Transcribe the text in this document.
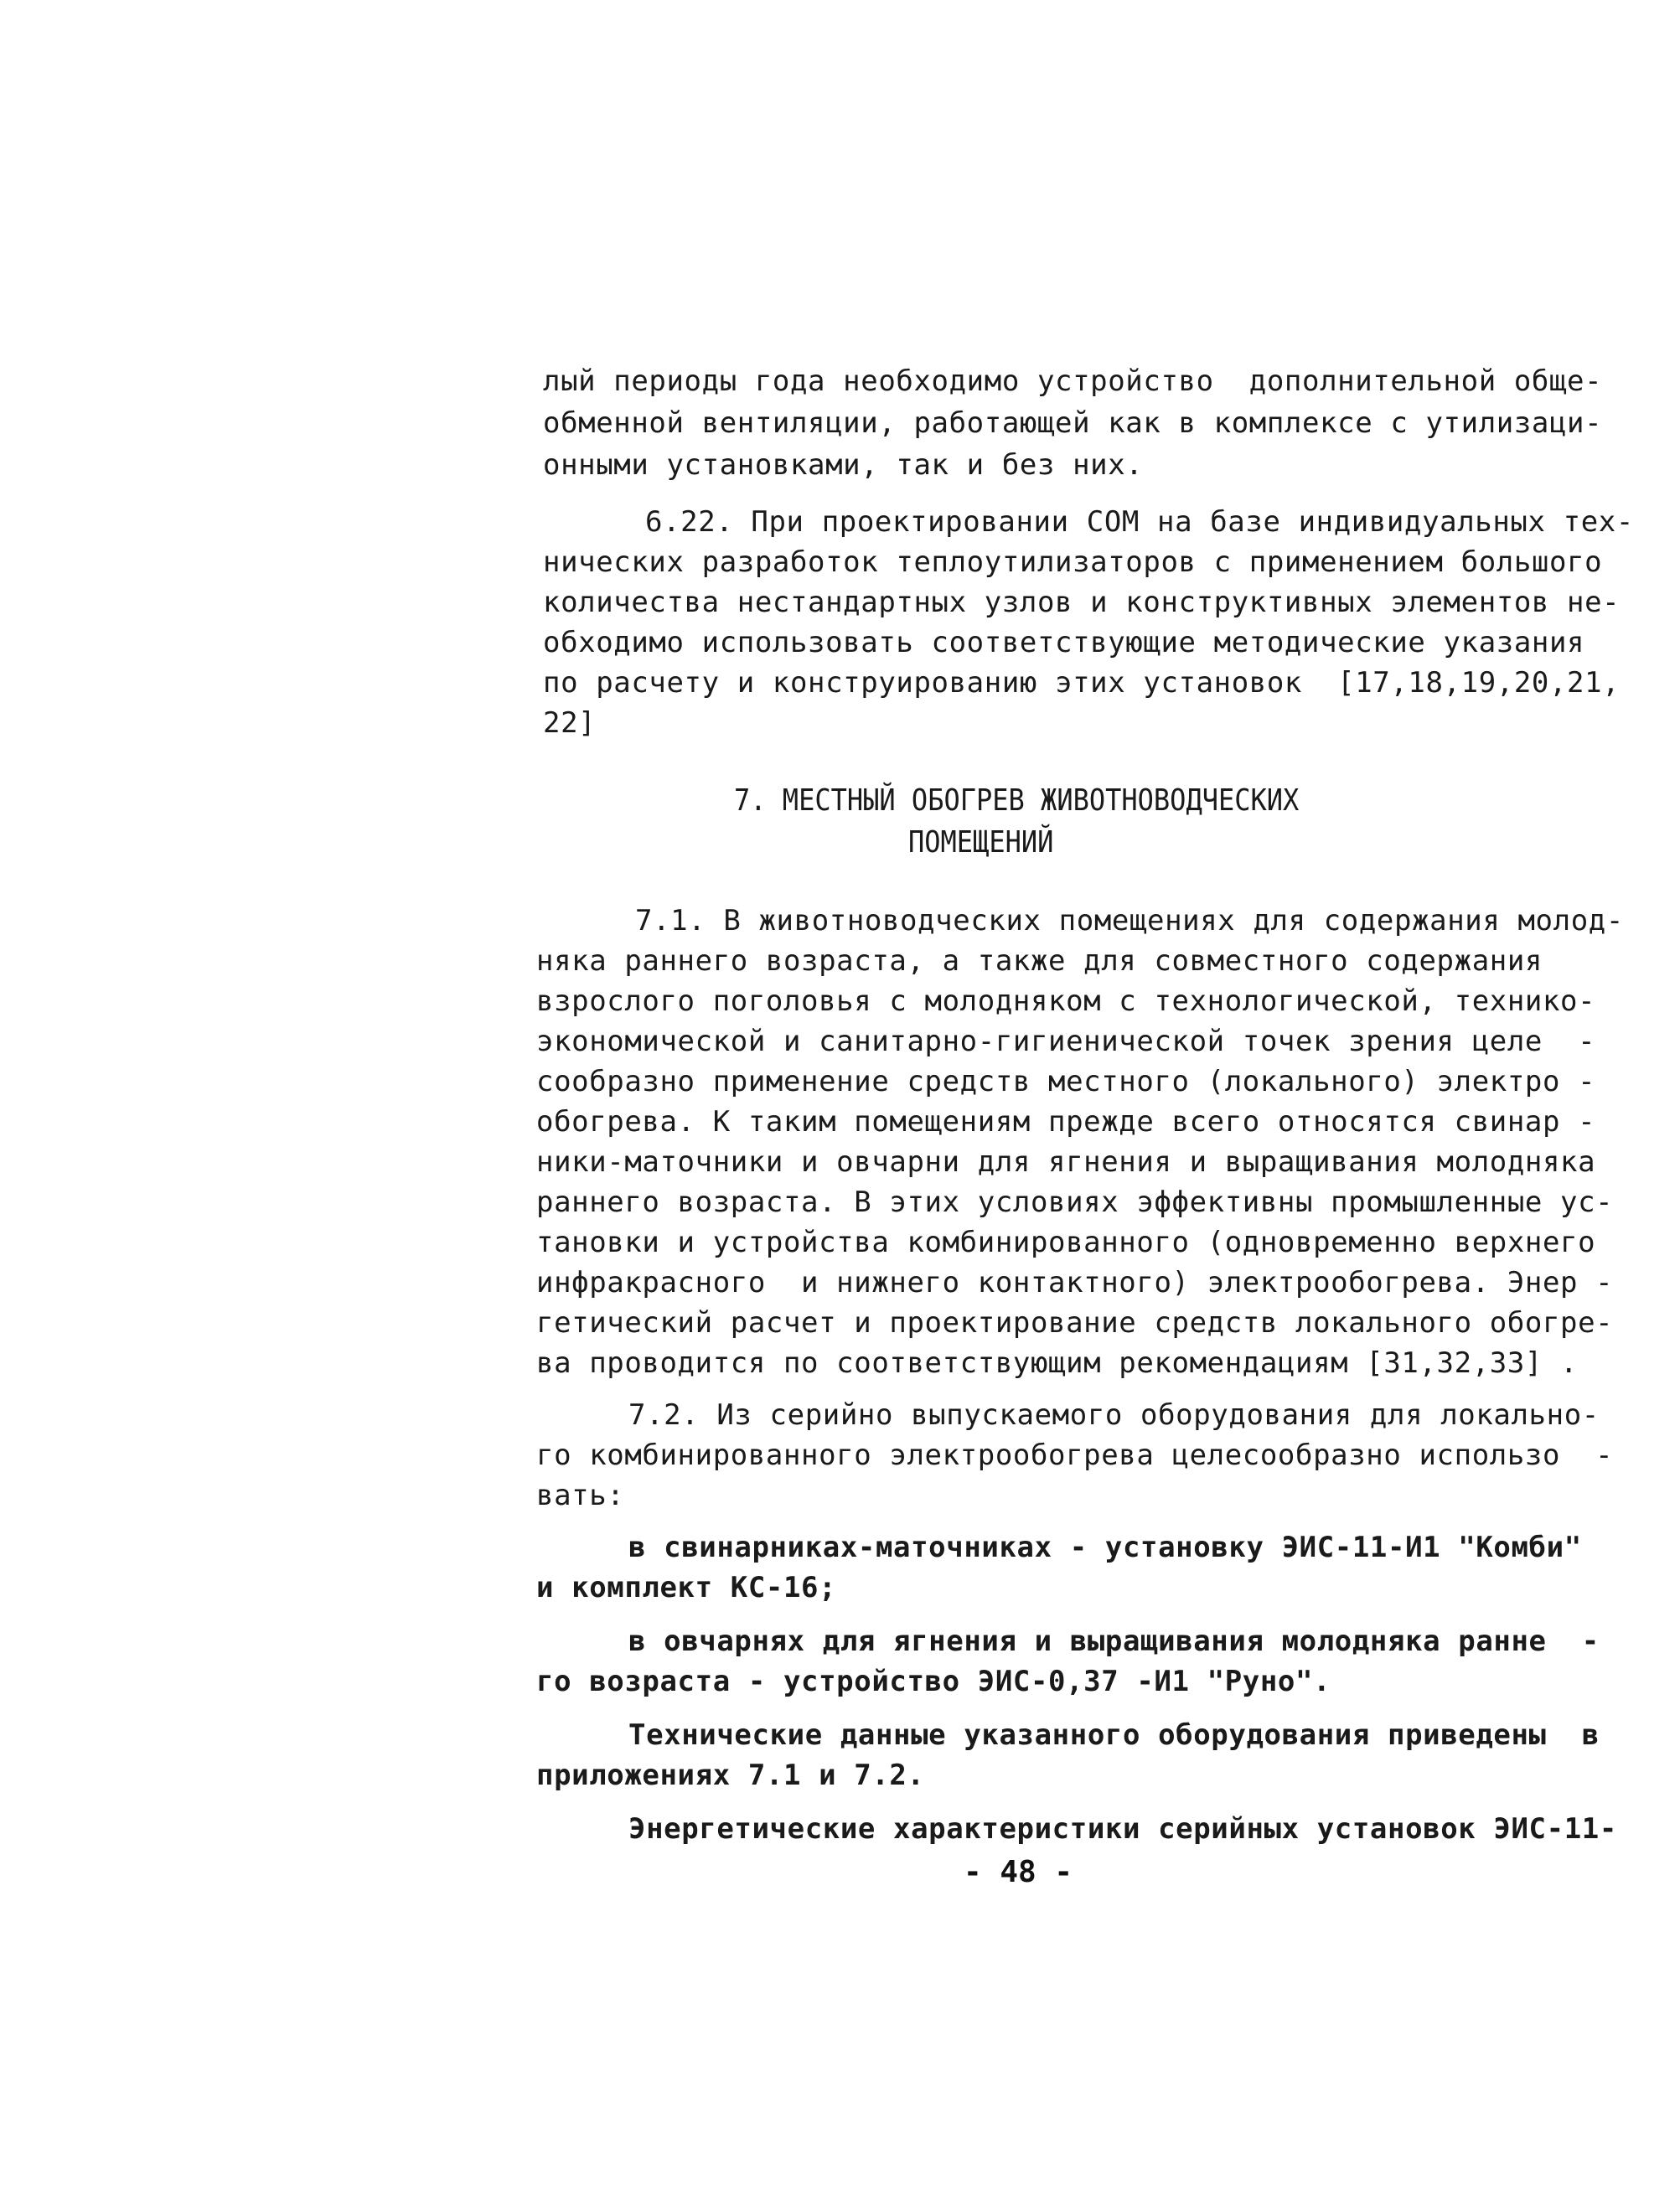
лый периоды года необходимо устройство  дополнительной обще-
обменной вентиляции, работающей как в комплексе с утилизаци-
онными установками, так и без них.
6.22. При проектировании СОМ на базе индивидуальных тех-
нических разработок теплоутилизаторов с применением большого
количества нестандартных узлов и конструктивных элементов не-
обходимо использовать соответствующие методические указания
по расчету и конструированию этих установок  [17,18,19,20,21,
22]
7. МЕСТНЫЙ ОБОГРЕВ ЖИВОТНОВОДЧЕСКИХ
ПОМЕЩЕНИЙ
7.1. В животноводческих помещениях для содержания молод-
няка раннего возраста, а также для совместного содержания
взрослого поголовья с молодняком с технологической, технико-
экономической и санитарно-гигиенической точек зрения целе  -
сообразно применение средств местного (локального) электро -
обогрева. К таким помещениям прежде всего относятся свинар -
ники-маточники и овчарни для ягнения и выращивания молодняка
раннего возраста. В этих условиях эффективны промышленные ус-
тановки и устройства комбинированного (одновременно верхнего
инфракрасного  и нижнего контактного) электрообогрева. Энер -
гетический расчет и проектирование средств локального обогре-
ва проводится по соответствующим рекомендациям [31,32,33] .
7.2. Из серийно выпускаемого оборудования для локально-
го комбинированного электрообогрева целесообразно использо  -
вать:
в свинарниках-маточниках - установку ЭИС-11-И1 "Комби"
и комплект КС-16;
в овчарнях для ягнения и выращивания молодняка ранне  -
го возраста - устройство ЭИС-0,37 -И1 "Руно".
Технические данные указанного оборудования приведены  в
приложениях 7.1 и 7.2.
Энергетические характеристики серийных установок ЭИС-11-
- 48 -
